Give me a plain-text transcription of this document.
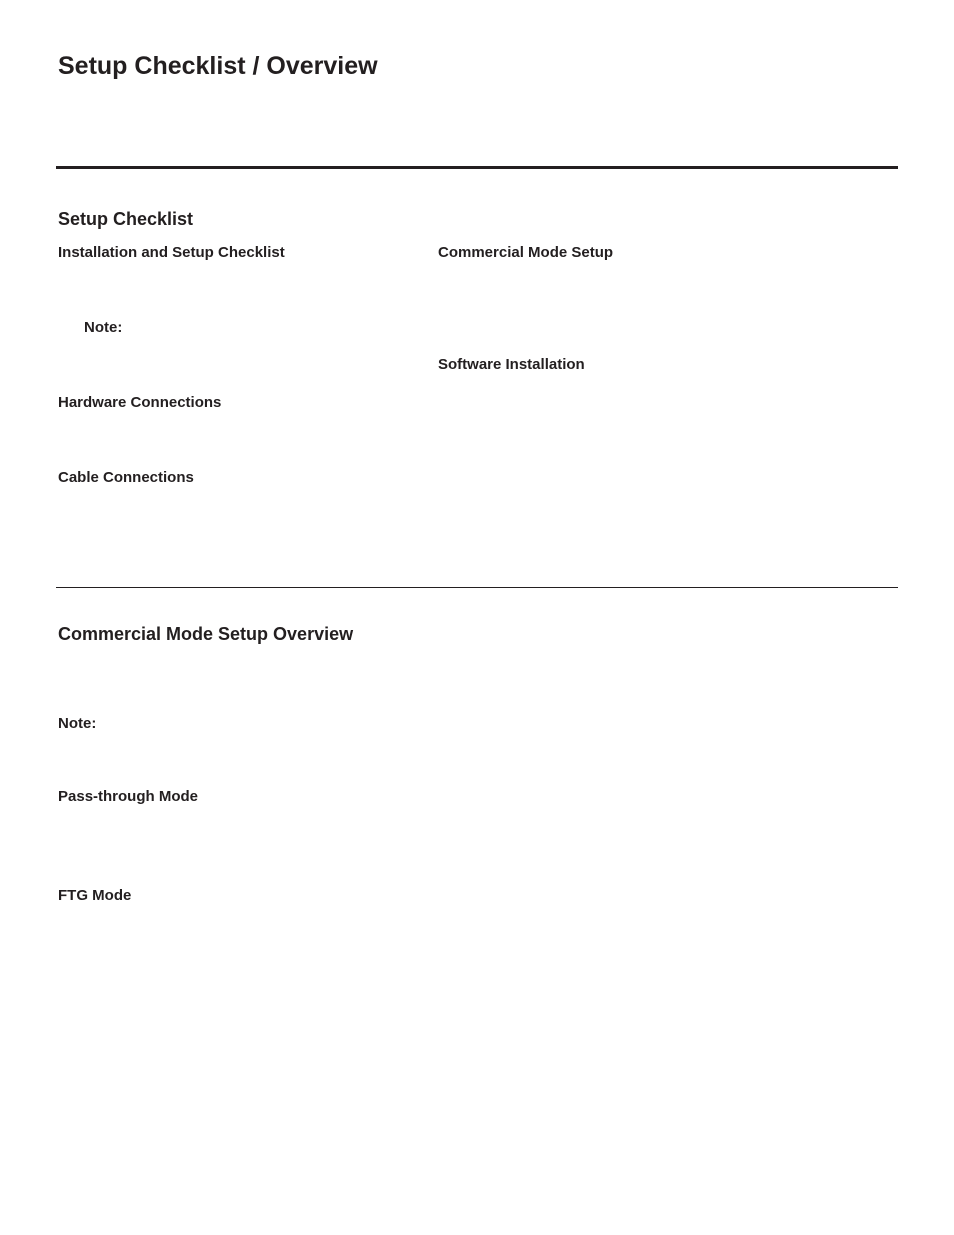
Setup Checklist / Overview
Setup Checklist
Installation and Setup Checklist
Note:
Hardware Connections
Cable Connections
Commercial Mode Setup
Software Installation
Commercial Mode Setup Overview
Note:
Pass-through Mode
FTG Mode
